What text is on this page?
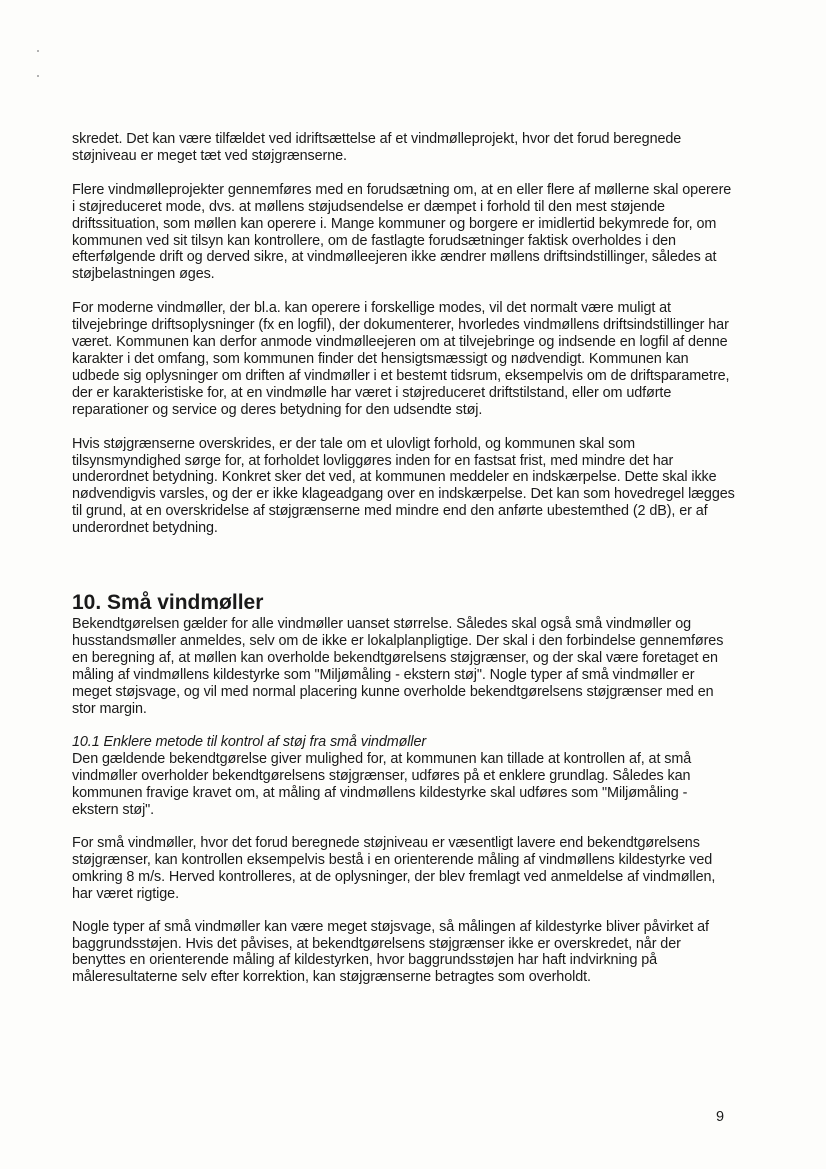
skredet. Det kan være tilfældet ved idriftsættelse af et vindmølleprojekt, hvor det forud beregnede støjniveau er meget tæt ved støjgrænserne.

Flere vindmølleprojekter gennemføres med en forudsætning om, at en eller flere af møllerne skal operere i støjreduceret mode, dvs. at møllens støjudsendelse er dæmpet i forhold til den mest støjende driftssituation, som møllen kan operere i. Mange kommuner og borgere er imidlertid bekymrede for, om kommunen ved sit tilsyn kan kontrollere, om de fastlagte forudsætninger faktisk overholdes i den efterfølgende drift og derved sikre, at vindmølleejeren ikke ændrer møllens driftsindstillinger, således at støjbelastningen øges.

For moderne vindmøller, der bl.a. kan operere i forskellige modes, vil det normalt være muligt at tilvejebringe driftsoplysninger (fx en logfil), der dokumenterer, hvorledes vindmøllens driftsindstillinger har været. Kommunen kan derfor anmode vindmølleejeren om at tilvejebringe og indsende en logfil af denne karakter i det omfang, som kommunen finder det hensigtsmæssigt og nødvendigt. Kommunen kan udbede sig oplysninger om driften af vindmøller i et bestemt tidsrum, eksempelvis om de driftsparametre, der er karakteristiske for, at en vindmølle har været i støjreduceret driftstilstand, eller om udførte reparationer og service og deres betydning for den udsendte støj.

Hvis støjgrænserne overskrides, er der tale om et ulovligt forhold, og kommunen skal som tilsynsmyndighed sørge for, at forholdet lovliggøres inden for en fastsat frist, med mindre det har underordnet betydning. Konkret sker det ved, at kommunen meddeler en indskærpelse. Dette skal ikke nødvendigvis varsles, og der er ikke klageadgang over en indskærpelse. Det kan som hovedregel lægges til grund, at en overskridelse af støjgrænserne med mindre end den anførte ubestemthed (2 dB), er af underordnet betydning.

10. Små vindmøller

Bekendtgørelsen gælder for alle vindmøller uanset størrelse. Således skal også små vindmøller og husstandsmøller anmeldes, selv om de ikke er lokalplanpligtige. Der skal i den forbindelse gennemføres en beregning af, at møllen kan overholde bekendtgørelsens støjgrænser, og der skal være foretaget en måling af vindmøllens kildestyrke som "Miljømåling - ekstern støj". Nogle typer af små vindmøller er meget støjsvage, og vil med normal placering kunne overholde bekendtgørelsens støjgrænser med en stor margin.

10.1 Enklere metode til kontrol af støj fra små vindmøller

Den gældende bekendtgørelse giver mulighed for, at kommunen kan tillade at kontrollen af, at små vindmøller overholder bekendtgørelsens støjgrænser, udføres på et enklere grundlag. Således kan kommunen fravige kravet om, at måling af vindmøllens kildestyrke skal udføres som "Miljømåling - ekstern støj".

For små vindmøller, hvor det forud beregnede støjniveau er væsentligt lavere end bekendtgørelsens støjgrænser, kan kontrollen eksempelvis bestå i en orienterende måling af vindmøllens kildestyrke ved omkring 8 m/s. Herved kontrolleres, at de oplysninger, der blev fremlagt ved anmeldelse af vindmøllen, har været rigtige.

Nogle typer af små vindmøller kan være meget støjsvage, så målingen af kildestyrke bliver påvirket af baggrundsstøjen. Hvis det påvises, at bekendtgørelsens støjgrænser ikke er overskredet, når der benyttes en orienterende måling af kildestyrken, hvor baggrundsstøjen har haft indvirkning på måleresultaterne selv efter korrektion, kan støjgrænserne betragtes som overholdt.

9
